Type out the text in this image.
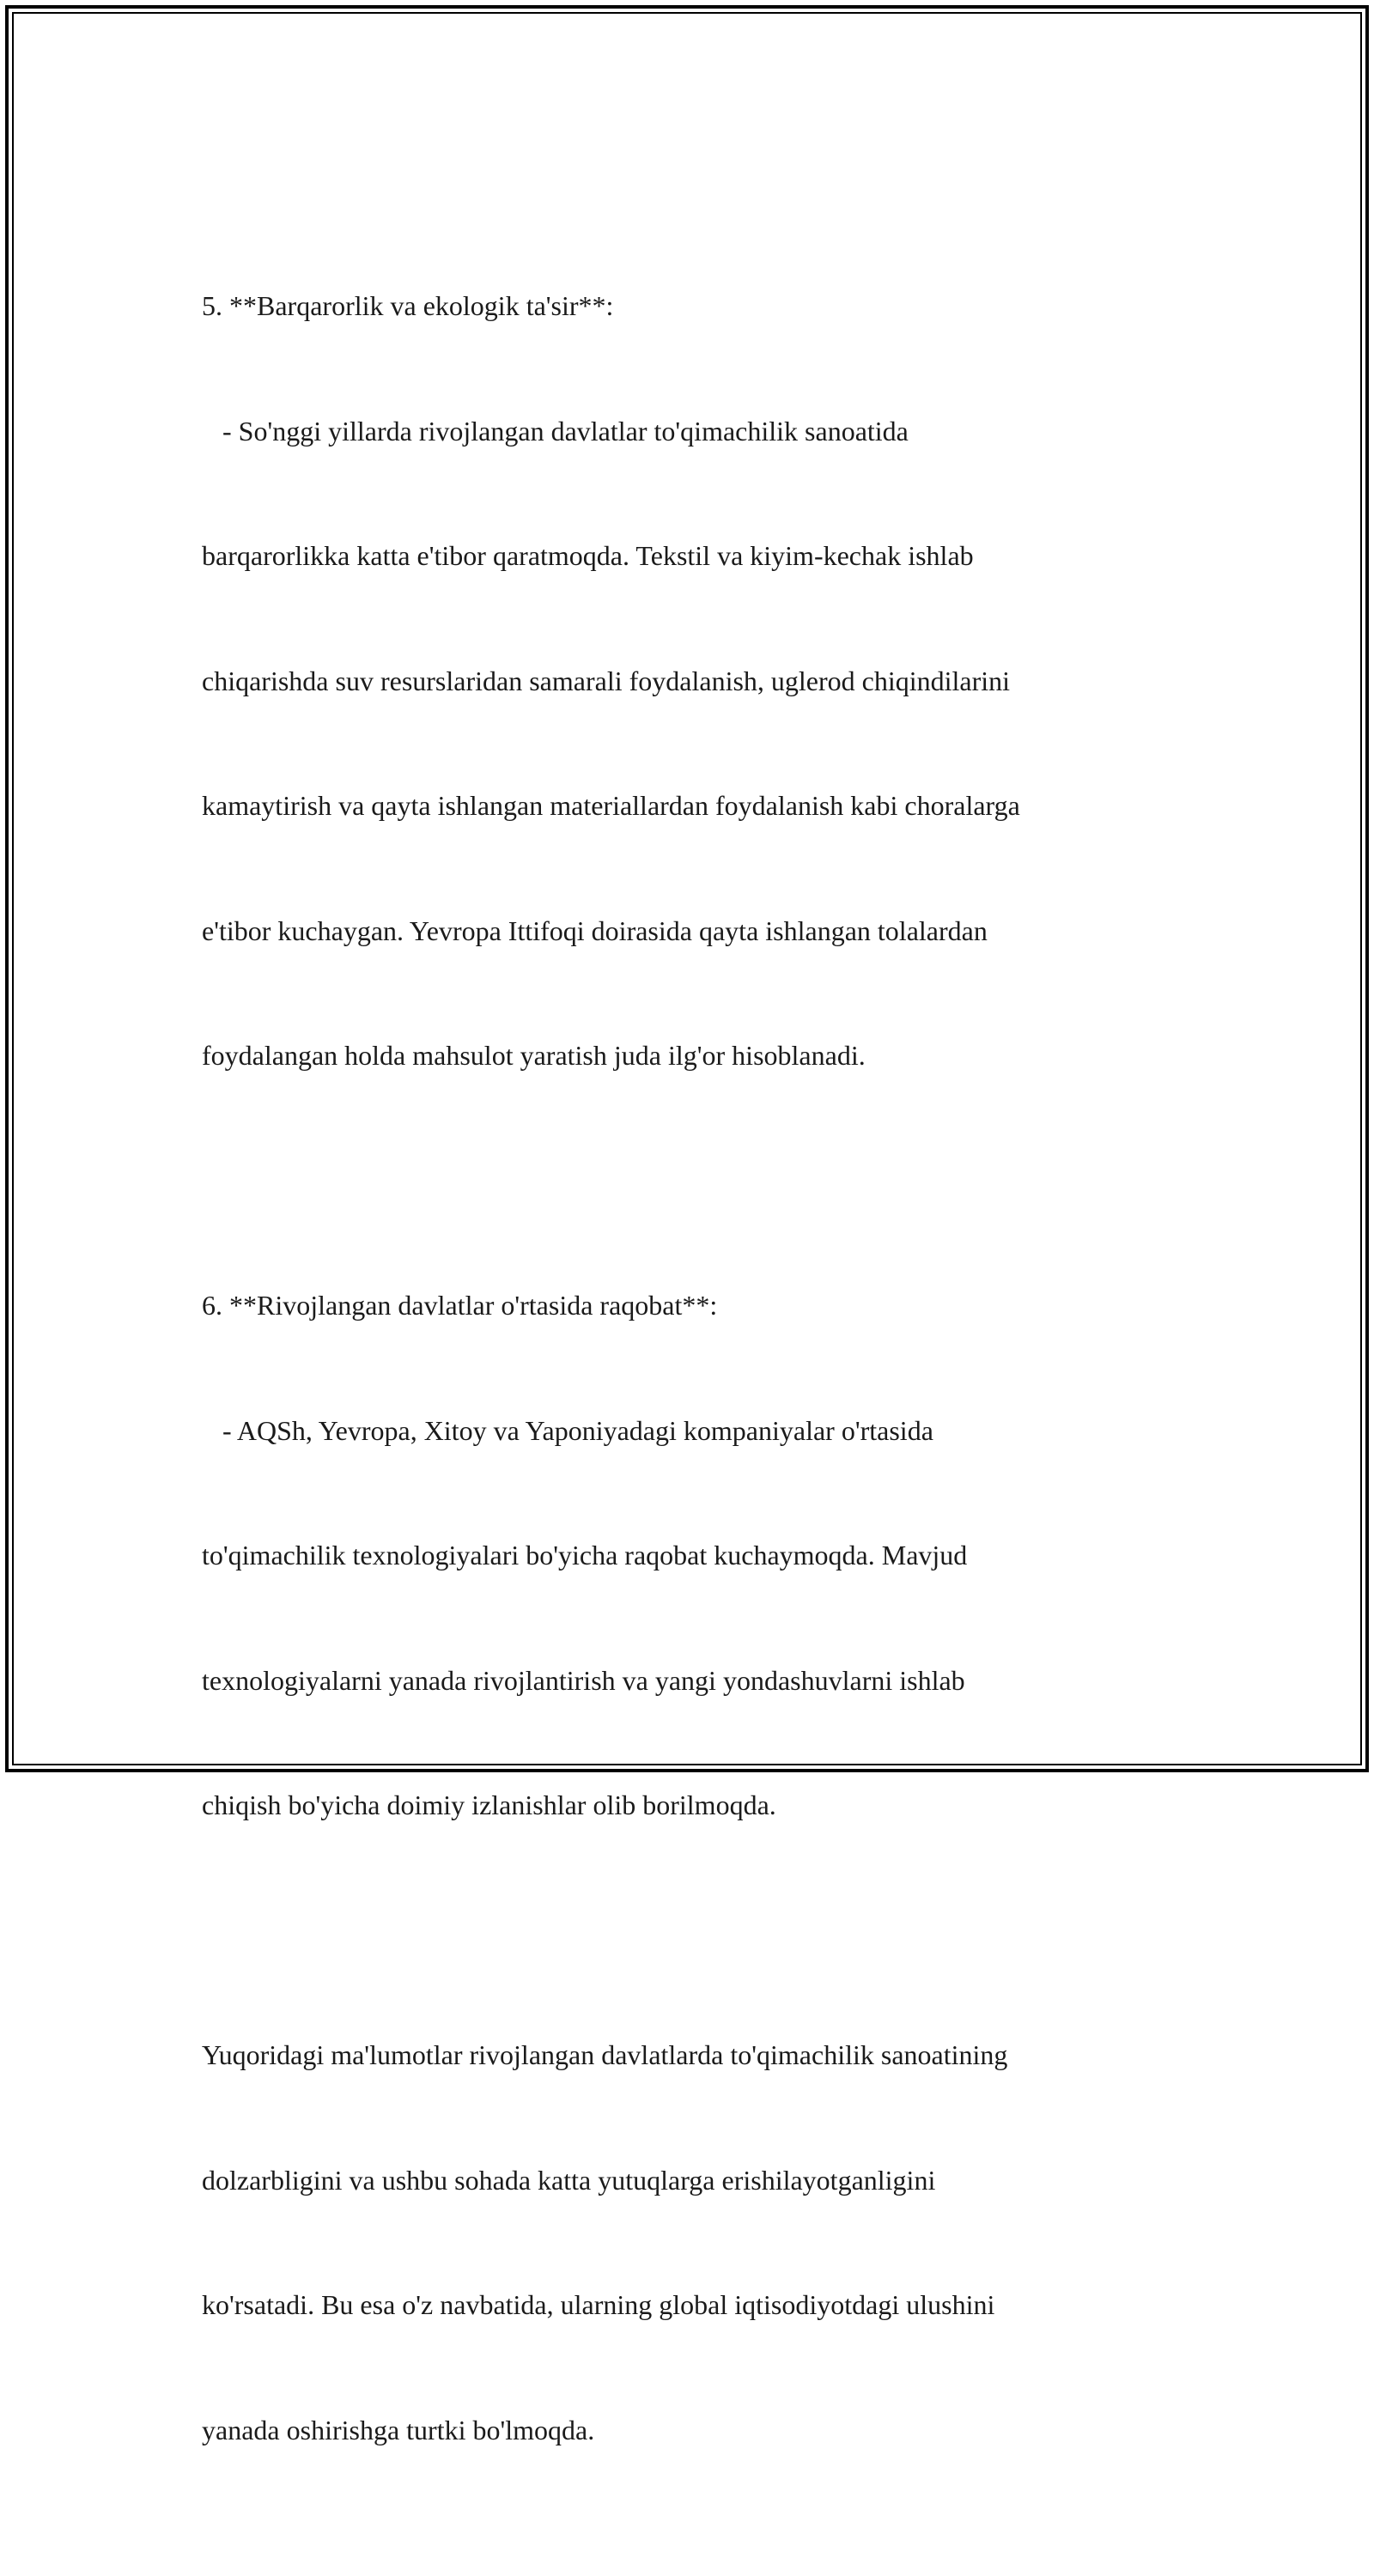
5. **Barqarorlik va ekologik ta'sir**:

- So'nggi yillarda rivojlangan davlatlar to'qimachilik sanoatida

barqarorlikka katta e'tibor qaratmoqda. Tekstil va kiyim-kechak ishlab

chiqarishda suv resurslaridan samarali foydalanish, uglerod chiqindilarini

kamaytirish va qayta ishlangan materiallardan foydalanish kabi choralarga

e'tibor kuchaygan. Yevropa Ittifoqi doirasida qayta ishlangan tolalardan

foydalangan holda mahsulot yaratish juda ilg'or hisoblanadi.

6. **Rivojlangan davlatlar o'rtasida raqobat**:

- AQSh, Yevropa, Xitoy va Yaponiyadagi kompaniyalar o'rtasida

to'qimachilik texnologiyalari bo'yicha raqobat kuchaymoqda. Mavjud

texnologiyalarni yanada rivojlantirish va yangi yondashuvlarni ishlab

chiqish bo'yicha doimiy izlanishlar olib borilmoqda.

Yuqoridagi ma'lumotlar rivojlangan davlatlarda to'qimachilik sanoatining

dolzarbligini va ushbu sohada katta yutuqlarga erishilayotganligini

ko'rsatadi. Bu esa o'z navbatida, ularning global iqtisodiyotdagi ulushini

yanada oshirishga turtki bo'lmoqda.
